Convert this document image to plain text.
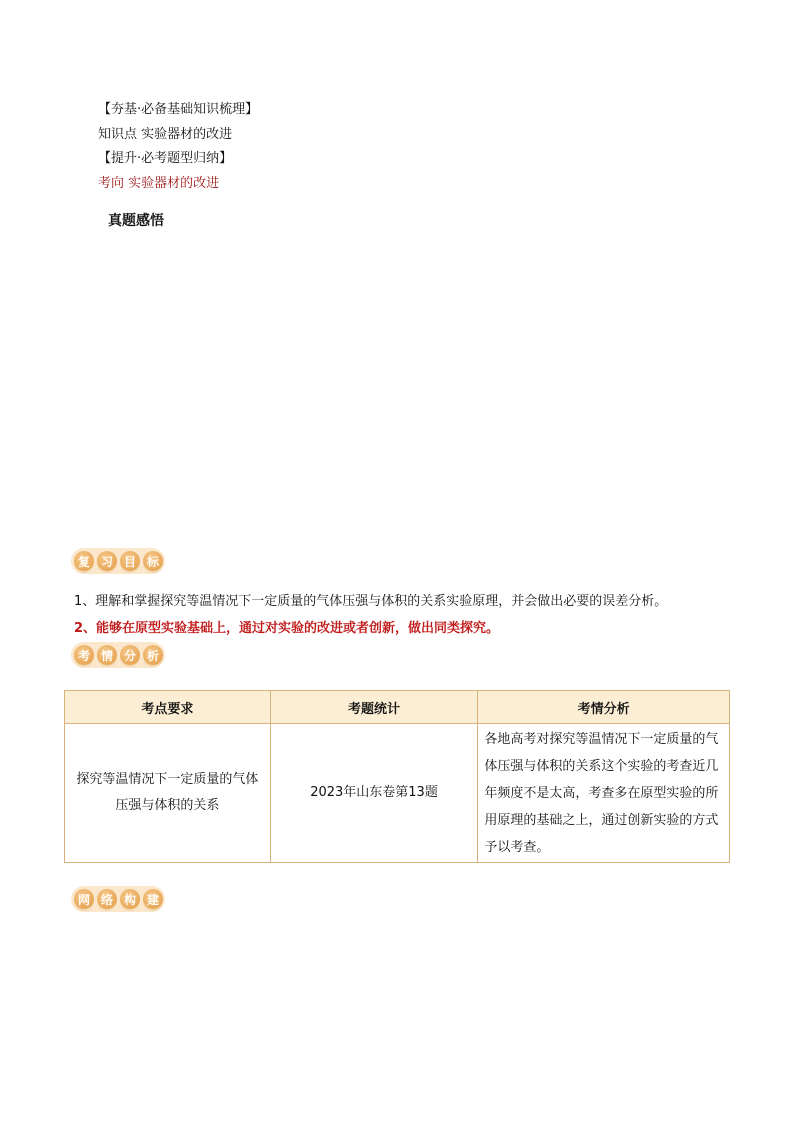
【夯基·必备基础知识梳理】
知识点 实验器材的改进
【提升·必考题型归纳】
考向 实验器材的改进
真题感悟
复 习 目 标
1、理解和掌握探究等温情况下一定质量的气体压强与体积的关系实验原理，并会做出必要的误差分析。
2、能够在原型实验基础上，通过对实验的改进或者创新，做出同类探究。
考 情 分 析
考点要求	考题统计	考情分析
探究等温情况下一定质量的气体压强与体积的关系	2023年山东卷第13题	各地高考对探究等温情况下一定质量的气体压强与体积的关系这个实验的考查近几年频度不是太高，考查多在原型实验的所用原理的基础之上，通过创新实验的方式予以考查。
网 络 构 建
